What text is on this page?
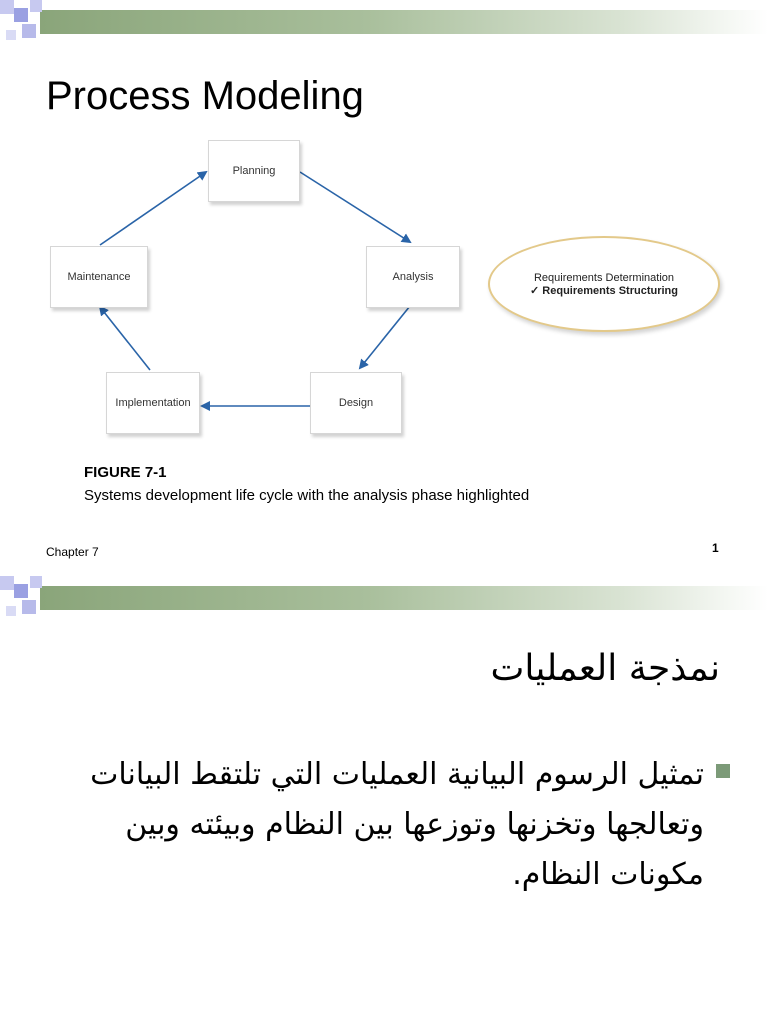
Process Modeling
Planning
Analysis
Design
Implementation
Maintenance	Requirements Determination
✓ Requirements Structuring
FIGURE 7-1
Systems development life cycle with the analysis phase highlighted
Chapter 7	1
نمذجة العمليات
تمثيل الرسوم البيانية العمليات التي تلتقط البيانات وتعالجها وتخزنها وتوزعها بين النظام وبيئته وبين مكونات النظام.
